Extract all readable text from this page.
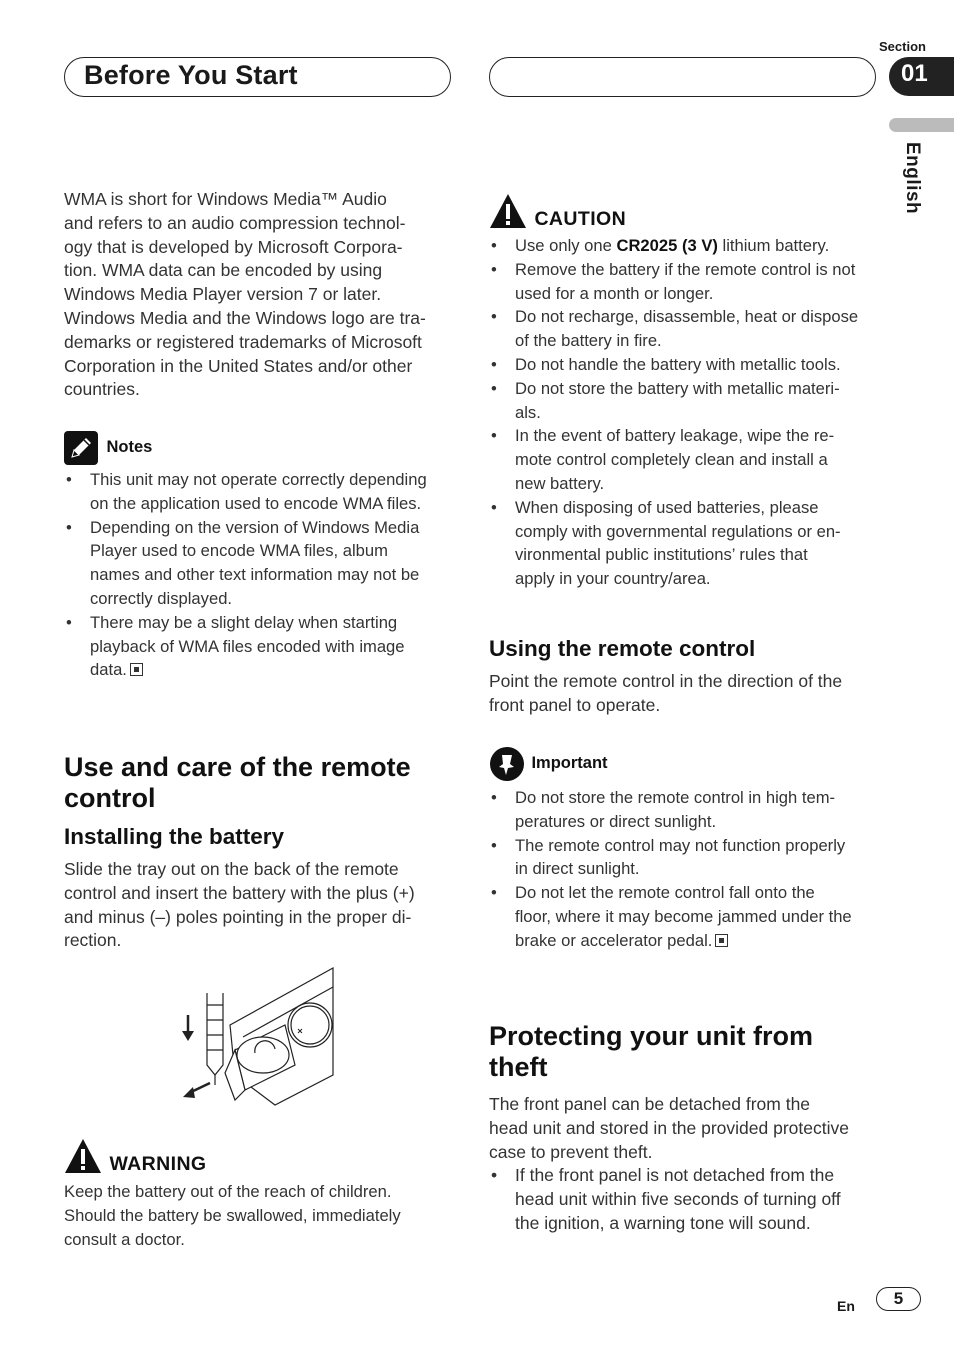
Before You Start
Section
01
English

WMA is short for Windows Media™ Audio

and refers to an audio compression technol-

ogy that is developed by Microsoft Corpora-

tion. WMA data can be encoded by using

Windows Media Player version 7 or later.

Windows Media and the Windows logo are tra-

demarks or registered trademarks of Microsoft

Corporation in the United States and/or other

countries.

Notes
• This unit may not operate correctly depending
on the application used to encode WMA files.
• Depending on the version of Windows Media
Player used to encode WMA files, album
names and other text information may not be
correctly displayed.
• There may be a slight delay when starting
playback of WMA files encoded with image
data.
Use and care of the remote
control
Installing the battery

Slide the tray out on the back of the remote

control and insert the battery with the plus (+)

and minus (–) poles pointing in the proper di-

rection.

WARNING

Keep the battery out of the reach of children.

Should the battery be swallowed, immediately

consult a doctor.

CAUTION
• Use only one CR2025 (3 V) lithium battery.
• Remove the battery if the remote control is not
used for a month or longer.
• Do not recharge, disassemble, heat or dispose
of the battery in fire.
• Do not handle the battery with metallic tools.
• Do not store the battery with metallic materi-
als.
• In the event of battery leakage, wipe the re-
mote control completely clean and install a
new battery.
• When disposing of used batteries, please
comply with governmental regulations or en-
vironmental public institutions’ rules that
apply in your country/area.
Using the remote control

Point the remote control in the direction of the

front panel to operate.

Important
• Do not store the remote control in high tem-
peratures or direct sunlight.
• The remote control may not function properly
in direct sunlight.
• Do not let the remote control fall onto the
floor, where it may become jammed under the
brake or accelerator pedal.
Protecting your unit from
theft

The front panel can be detached from the

head unit and stored in the provided protective

case to prevent theft.

• If the front panel is not detached from the
head unit within five seconds of turning off
the ignition, a warning tone will sound.
En	5
